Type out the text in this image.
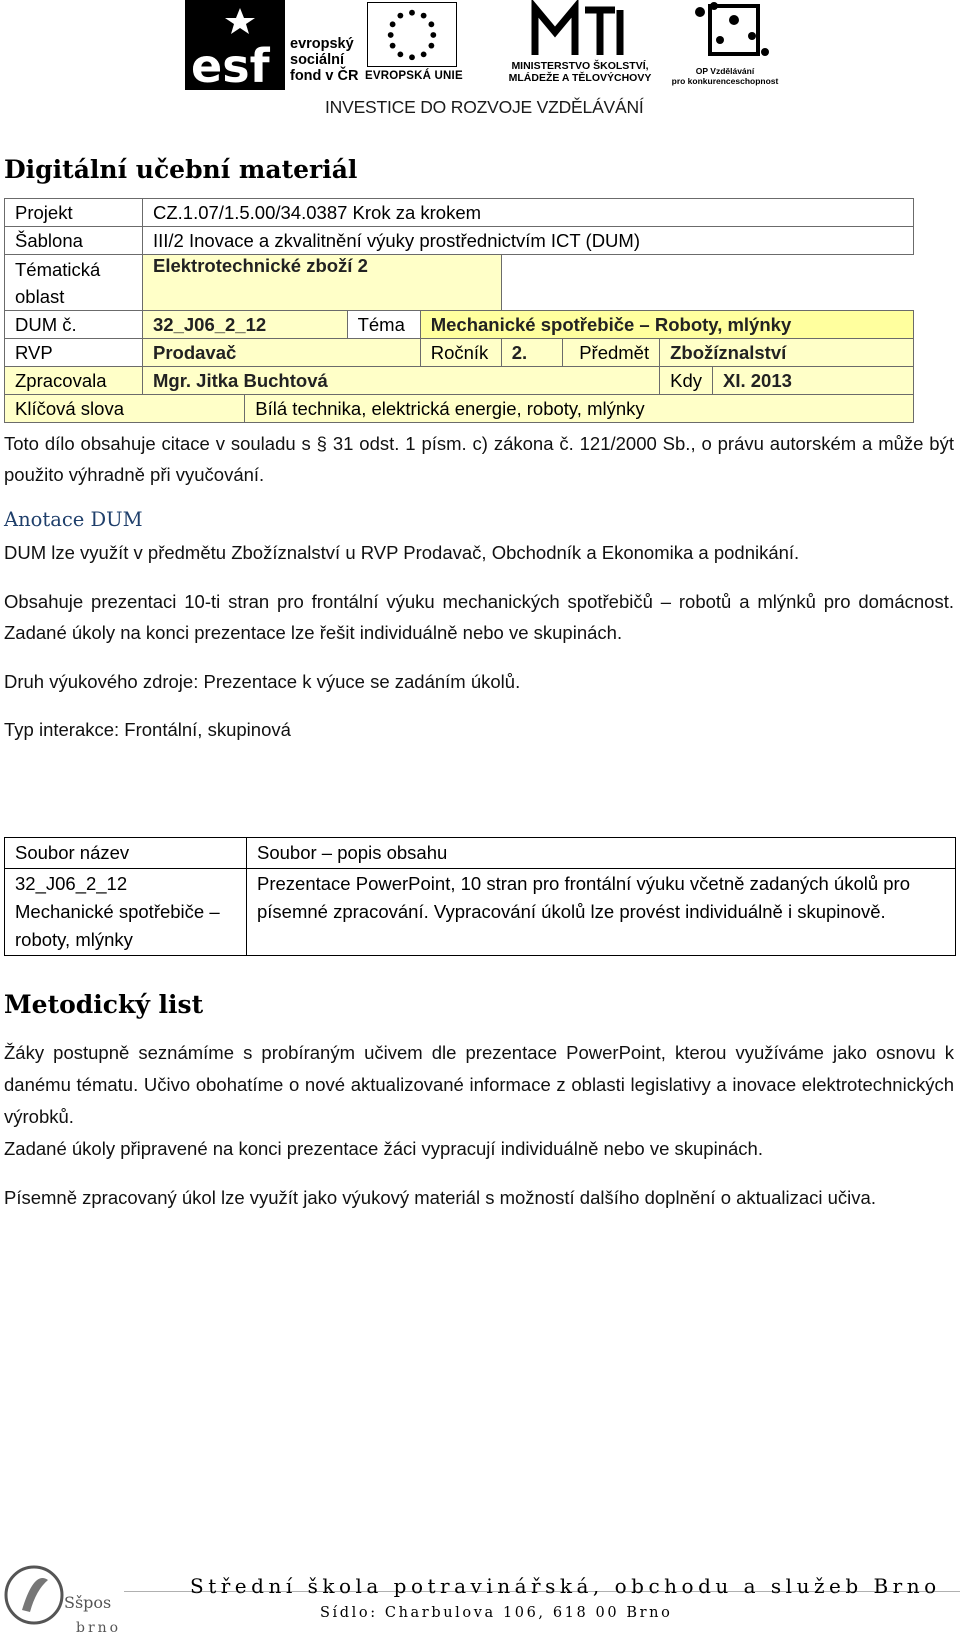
esf evropský
sociální
fond v ČR EVROPSKÁ UNIE
MINISTERSTVO ŠKOLSTVÍ,
MLÁDEŽE A TĚLOVÝCHOVY
OP Vzdělávání
pro konkurenceschopnost
INVESTICE DO ROZVOJE VZDĚLÁVÁNÍ
Digitální učební materiál
Projekt	CZ.1.07/1.5.00/34.0387 Krok za krokem							
Šablona	III/2 Inovace a zkvalitnění výuky prostřednictvím ICT (DUM)							
Tématická oblast	Elektrotechnické zboží 2							
DUM č.	32_J06_2_12		Téma	Mechanické spotřebiče – Roboty, mlýnky				
RVP	Prodavač			Ročník	2.	Předmět	Zbožíznalství	
Zpracovala	Mgr. Jitka Buchtová						Kdy	XI. 2013
Klíčová slova		Bílá technika, elektrická energie, roboty, mlýnky						
Toto dílo obsahuje citace v souladu s § 31 odst. 1 písm. c) zákona č. 121/2000 Sb., o právu autorském a může být použito výhradně při vyučování.
Anotace DUM
DUM lze využít v předmětu Zbožíznalství u RVP Prodavač, Obchodník a Ekonomika a podnikání.
Obsahuje prezentaci 10-ti stran pro frontální výuku mechanických spotřebičů – robotů a mlýnků pro domácnost. Zadané úkoly na konci prezentace lze řešit individuálně nebo ve skupinách.
Druh výukového zdroje: Prezentace k výuce se zadáním úkolů.
Typ interakce: Frontální, skupinová
Soubor název	Soubor – popis obsahu

32_J06_2_12
Mechanické spotřebiče – roboty, mlýnky	Prezentace PowerPoint, 10 stran pro frontální výuku včetně zadaných úkolů pro písemné zpracování. Vypracování úkolů lze provést individuálně i skupinově.
Metodický list
Žáky postupně seznámíme s probíraným učivem dle prezentace PowerPoint, kterou využíváme jako osnovu k danému tématu. Učivo obohatíme o nové aktualizované informace z oblasti legislativy a inovace elektrotechnických výrobků.
Zadané úkoly připravené na konci prezentace žáci vypracují individuálně nebo ve skupinách.
Písemně zpracovaný úkol lze využít jako výukový materiál s možností dalšího doplnění o aktualizaci učiva.
Sšpos
brno
Střední škola potravinářská, obchodu a služeb Brno
Sídlo: Charbulova 106, 618 00 Brno
